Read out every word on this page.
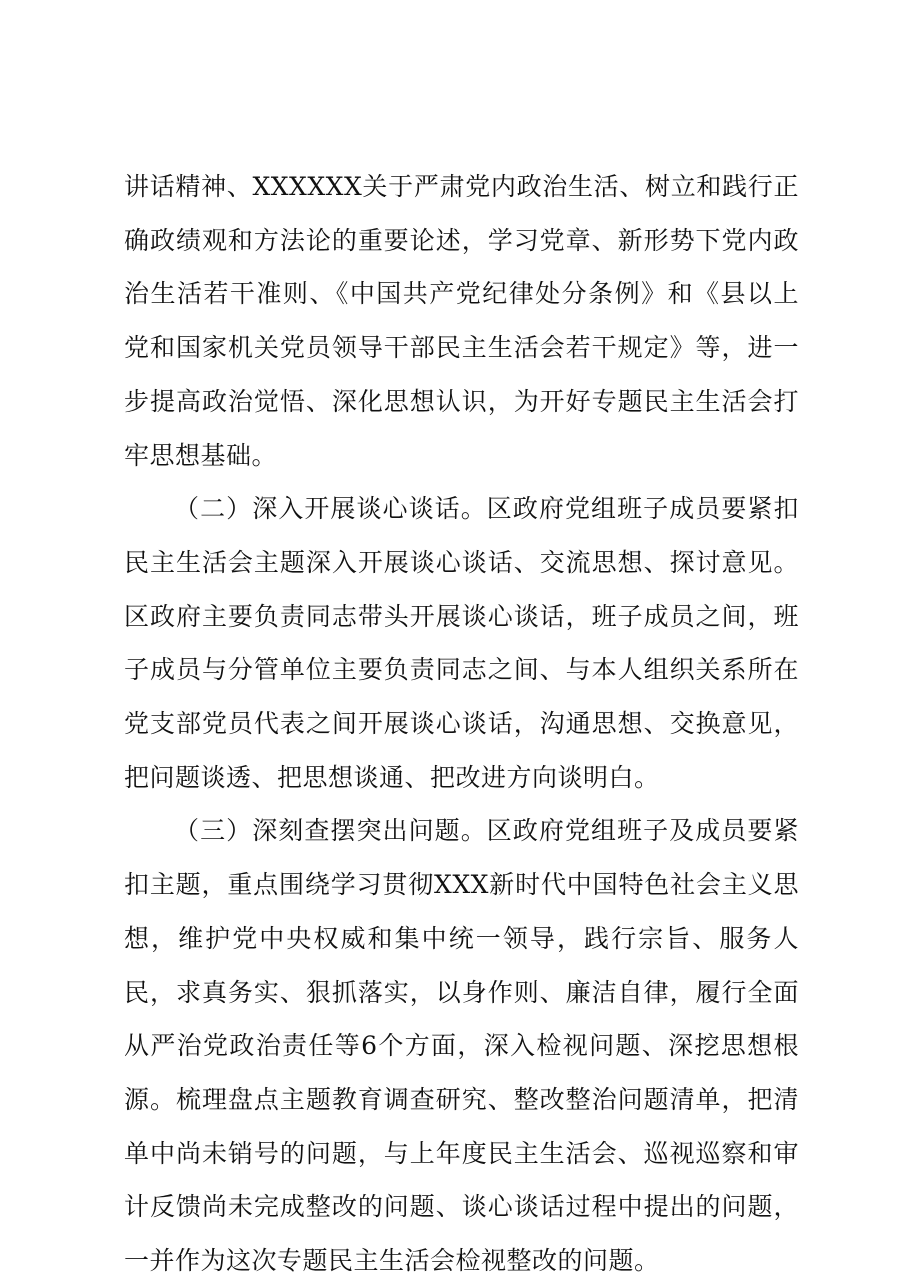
讲话精神、XXXXXX关于严肃党内政治生活、树立和践行正确政绩观和方法论的重要论述，学习党章、新形势下党内政治生活若干准则、《中国共产党纪律处分条例》和《县以上党和国家机关党员领导干部民主生活会若干规定》等，进一步提高政治觉悟、深化思想认识，为开好专题民主生活会打牢思想基础。

（二）深入开展谈心谈话。区政府党组班子成员要紧扣民主生活会主题深入开展谈心谈话、交流思想、探讨意见。区政府主要负责同志带头开展谈心谈话，班子成员之间，班子成员与分管单位主要负责同志之间、与本人组织关系所在党支部党员代表之间开展谈心谈话，沟通思想、交换意见，把问题谈透、把思想谈通、把改进方向谈明白。

（三）深刻查摆突出问题。区政府党组班子及成员要紧扣主题，重点围绕学习贯彻XXX新时代中国特色社会主义思想，维护党中央权威和集中统一领导，践行宗旨、服务人民，求真务实、狠抓落实，以身作则、廉洁自律，履行全面从严治党政治责任等6个方面，深入检视问题、深挖思想根源。梳理盘点主题教育调查研究、整改整治问题清单，把清单中尚未销号的问题，与上年度民主生活会、巡视巡察和审计反馈尚未完成整改的问题、谈心谈话过程中提出的问题，一并作为这次专题民主生活会检视整改的问题。
